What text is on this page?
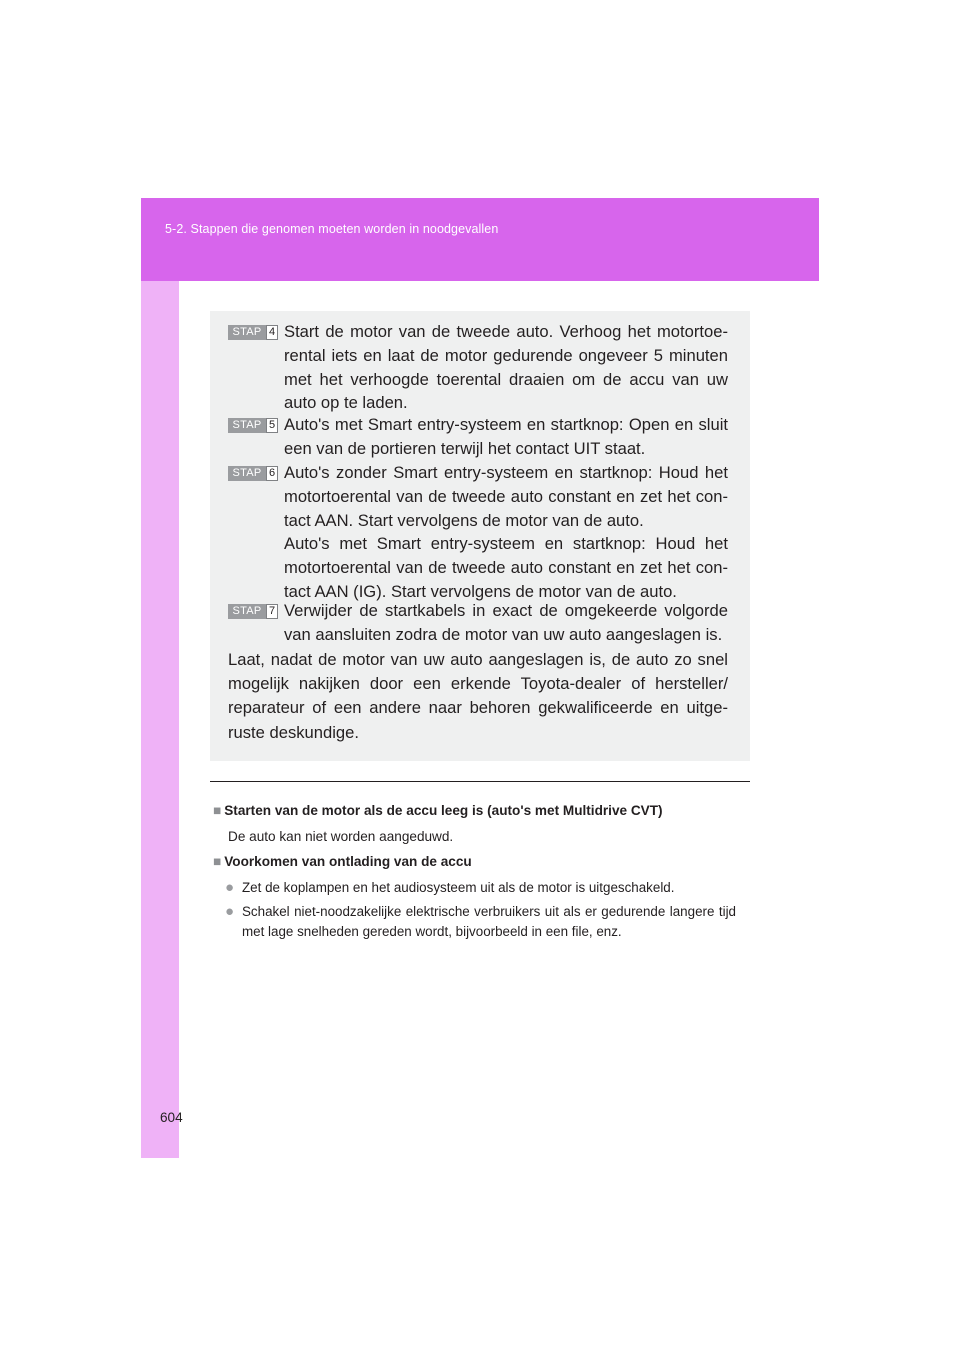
5-2. Stappen die genomen moeten worden in noodgevallen
STAP 4 Start de motor van de tweede auto. Verhoog het motortoe-rental iets en laat de motor gedurende ongeveer 5 minuten met het verhoogde toerental draaien om de accu van uw auto op te laden.

STAP 5 Auto's met Smart entry-systeem en startknop: Open en sluit een van de portieren terwijl het contact UIT staat.

STAP 6 Auto's zonder Smart entry-systeem en startknop: Houd het motortoerental van de tweede auto constant en zet het con-tact AAN. Start vervolgens de motor van de auto.

Auto's met Smart entry-systeem en startknop: Houd het motortoerental van de tweede auto constant en zet het con-tact AAN (IG). Start vervolgens de motor van de auto.

STAP 7 Verwijder de startkabels in exact de omgekeerde volgorde van aansluiten zodra de motor van uw auto aangeslagen is.

Laat, nadat de motor van uw auto aangeslagen is, de auto zo snel mogelijk nakijken door een erkende Toyota-dealer of hersteller/ reparateur of een andere naar behoren gekwalificeerde en uitge-ruste deskundige.

■ Starten van de motor als de accu leeg is (auto's met Multidrive CVT)
De auto kan niet worden aangeduwd.
■ Voorkomen van ontlading van de accu
● Zet de koplampen en het audiosysteem uit als de motor is uitgeschakeld.
● Schakel niet-noodzakelijke elektrische verbruikers uit als er gedurende langere tijd met lage snelheden gereden wordt, bijvoorbeeld in een file, enz.
604
